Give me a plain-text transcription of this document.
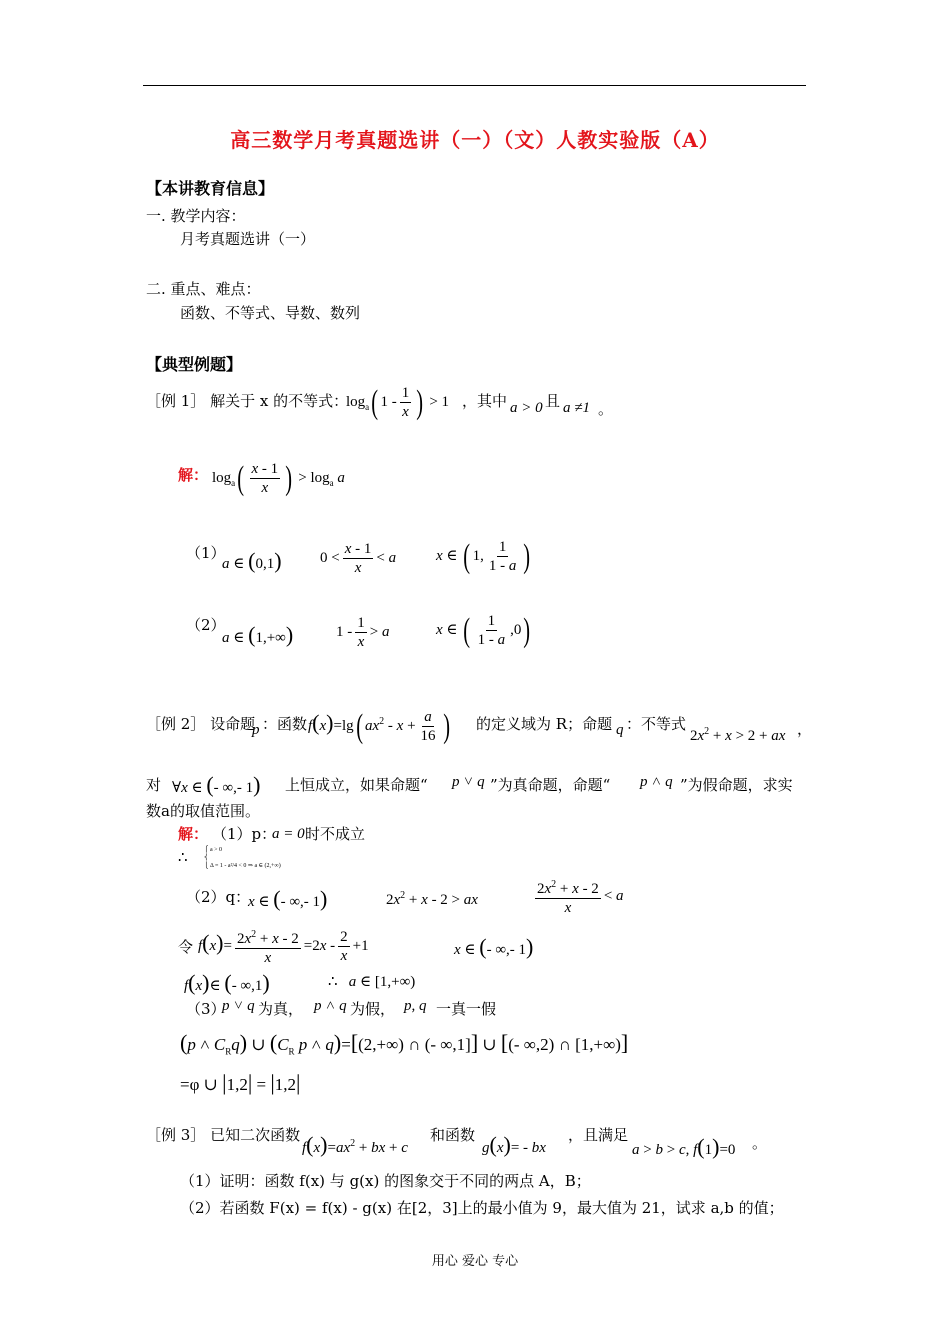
高三数学月考真题选讲（一）（文）人教实验版（A）
【本讲教育信息】
一. 教学内容：
月考真题选讲（一）
二. 重点、难点：
函数、不等式、导数、数列
【典型例题】
［例 1］ 解关于 x 的不等式：
$\log_a$( $1 - \frac{1}{x}$ ) > 1 ，其中 a > 0 且 a ≠1 。
解： $\log_a( \frac{x - 1}{x}$ ) > $\log_a a$
（1）
a ∈ (0,1)	$0 < \frac{x - 1}{x} < a$	x ∈ ( 1, $\frac{1}{1 - a}$ )
（2）
a ∈ (1,+∞)	$1 - \frac{1}{x} > a$	x ∈ ( $\frac{1}{1 - a} ,0$)
［例 2］ 设命题
p ：函数 f(x)=lg( $ax^2 - x + \frac{a}{16}$ ) 的定义域为 R；命题 q ：不等式
$2x^2 + x > 2$ + ax ，
对 ∀x ∈ (- ∞,- 1) 上恒成立，如果命题“ p ˅ q ”为真命题，命题“ p ˄ q ”为假命题，求实
数a的取值范围。
解： （1）p：
a = 0 时不成立
∴	⎧ a > 0
⎨
⎩ Δ = 1 - a²/4 < 0 ⇒ a ∈ (2,+∞)
（2）q：
x ∈ (- ∞,- 1)	$2x^2 + x - 2$ > ax	$\frac{2x^2 + x - 2}{x} < a$
令 $f(x)= \frac{2x^2 + x - 2}{x} =2x - \frac{2}{x} +1$	x ∈ (- ∞,- 1)
f(x)∈ (- ∞,1)	∴   a ∈ [1,+∞)
（3）
p ˅ q 为真， p ˄ q 为假， p, q 一真一假
(p ˄ $C_Rq$) ∪ ($C_R$ p ˄ q)=[(2,+∞) ∩ (- ∞,1]] ∪ [(- ∞,2) ∩ [1,+∞)]
=φ ∪ |1,2| = |1,2|
［例 3］ 已知二次函数
$f(x)=ax^2$ + bx + c
和函数
g(x)= - bx
，且满足
a > b > c, f(1)=0 。
（1）证明：函数 f(x) 与 g(x) 的图象交于不同的两点 A，B；
（2）若函数 F(x) = f(x) - g(x) 在[2，3]上的最小值为 9，最大值为 21，试求 a,b 的值；
用心 爱心 专心
